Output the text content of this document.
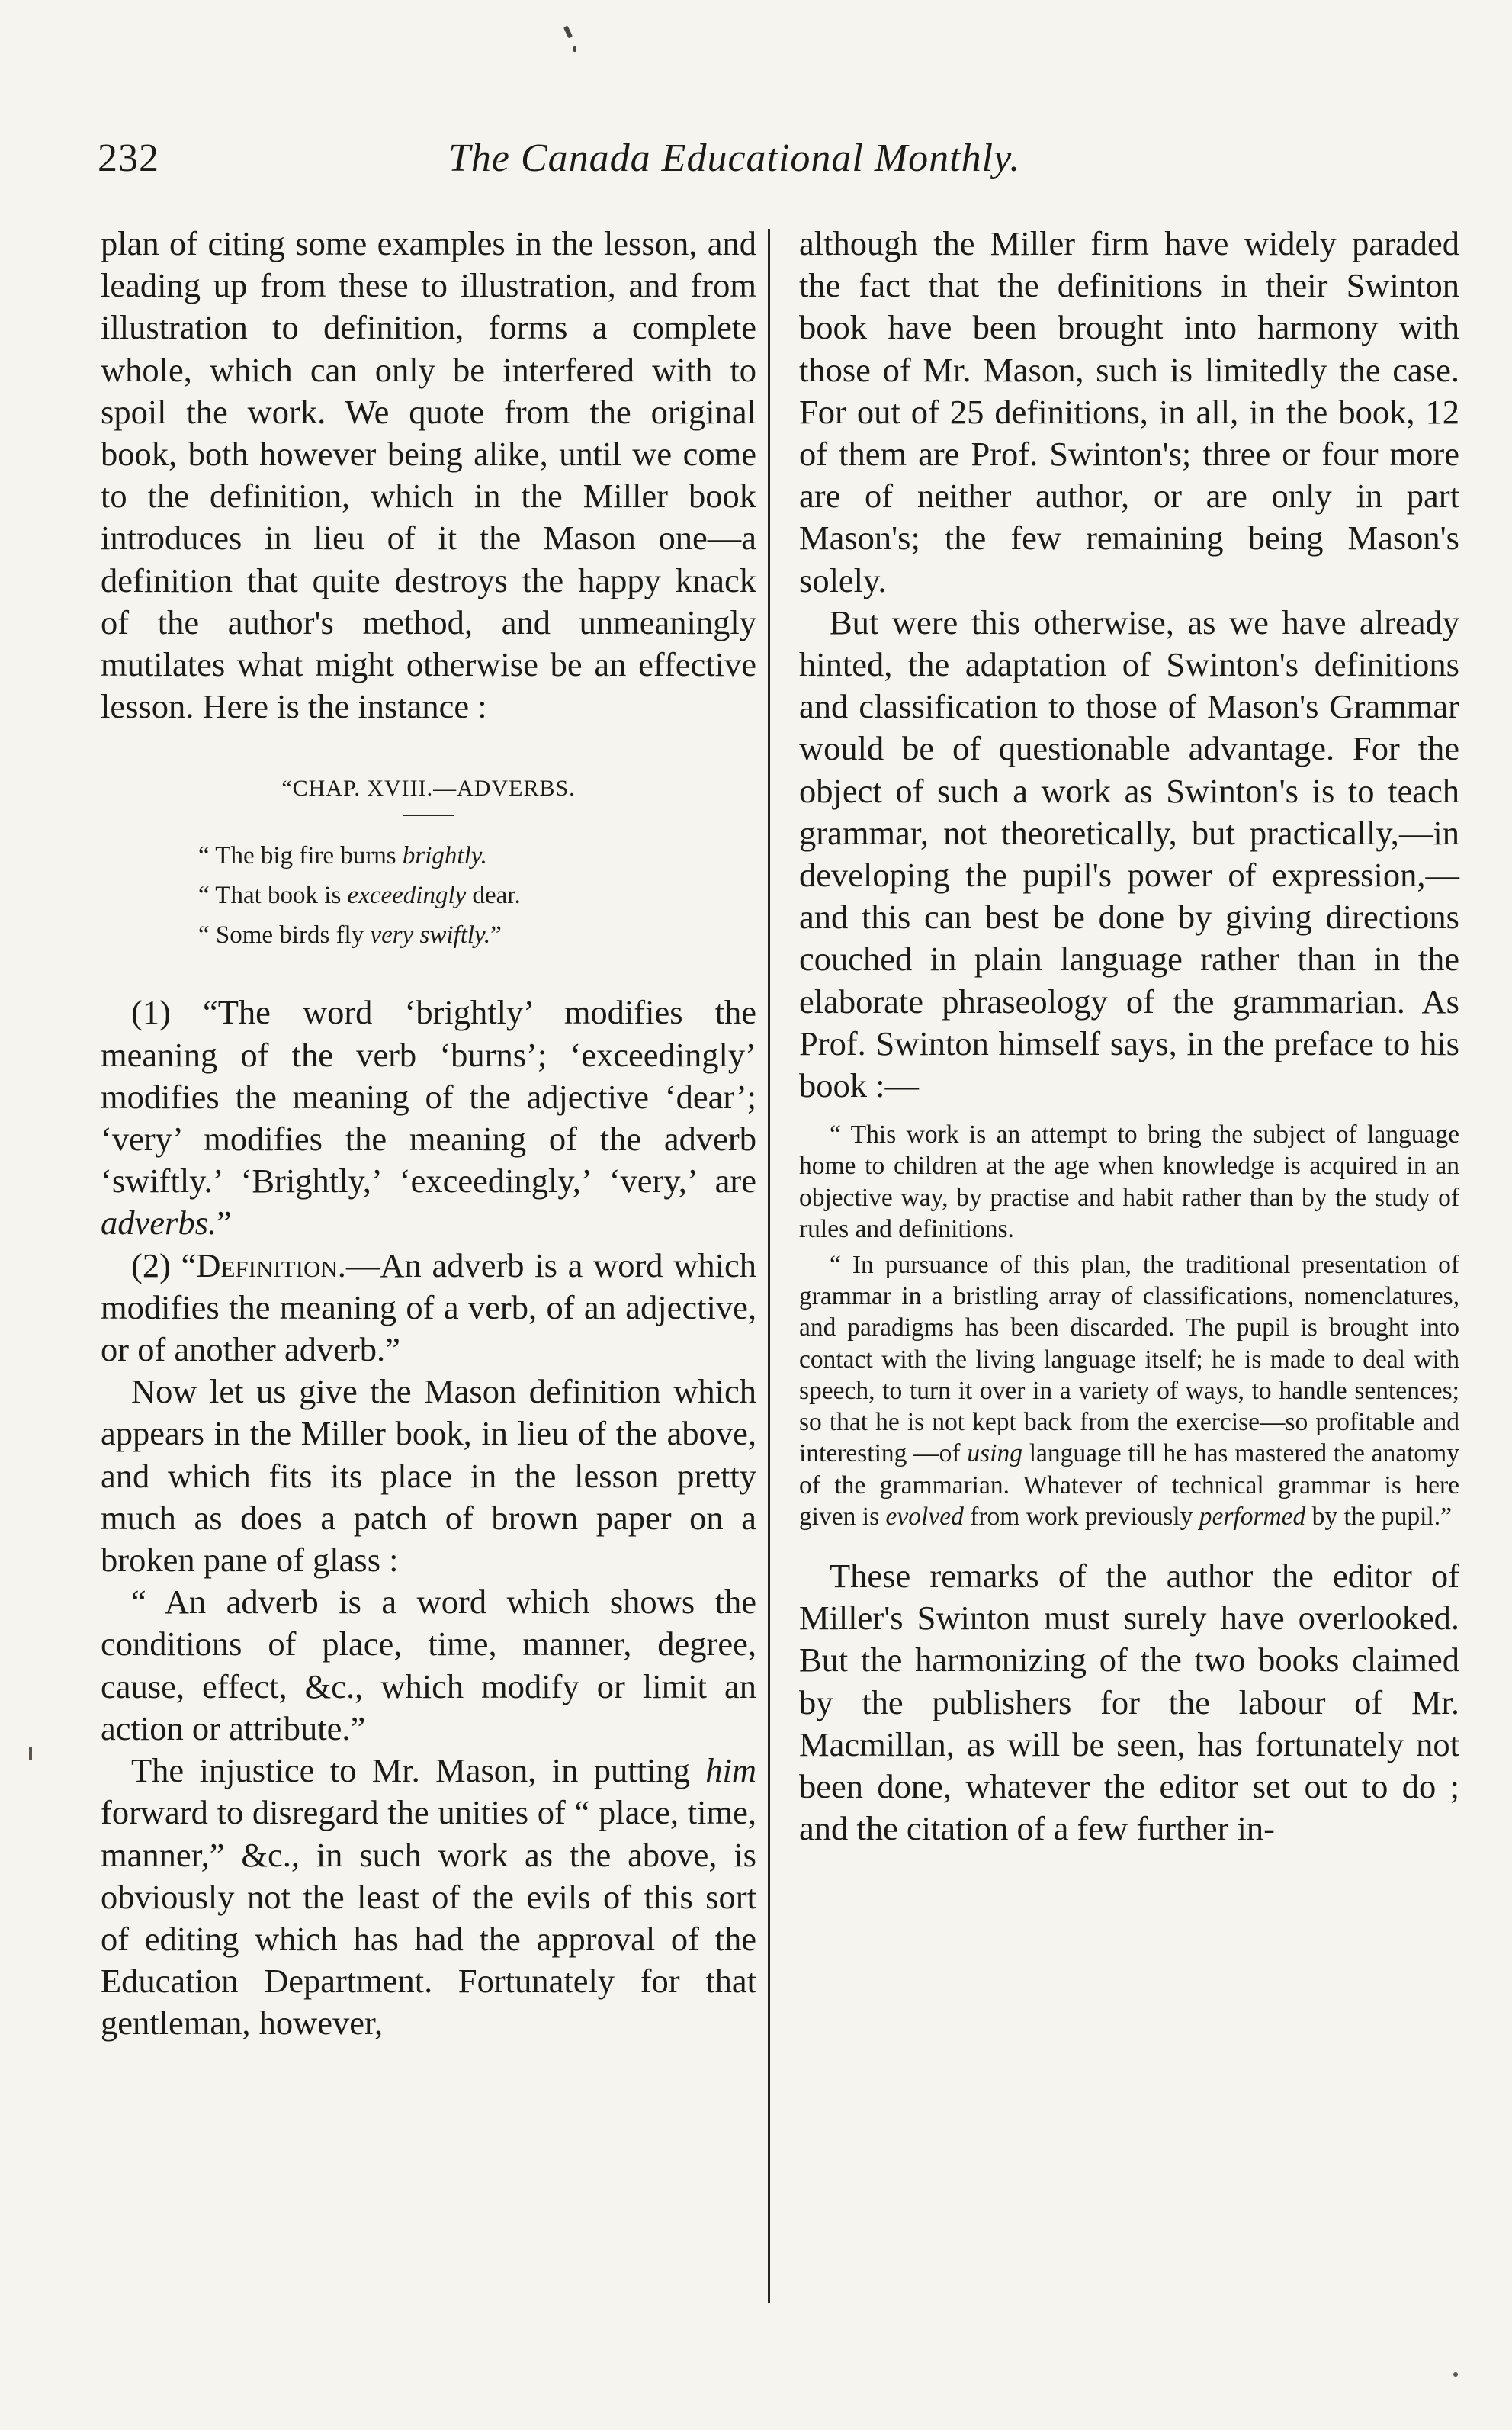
232	The Canada Educational Monthly.

plan of citing some examples in the lesson, and leading up from these to illustration, and from illustration to definition, forms a complete whole, which can only be interfered with to spoil the work. We quote from the original book, both however being alike, until we come to the definition, which in the Miller book introduces in lieu of it the Mason one—a definition that quite destroys the happy knack of the author's method, and unmeaningly mutilates what might otherwise be an effective lesson. Here is the instance :

“CHAP. XVIII.—ADVERBS.
“ The big fire burns brightly.
“ That book is exceedingly dear.
“ Some birds fly very swiftly.”

(1) “The word ‘brightly’ modifies the meaning of the verb ‘burns’; ‘exceedingly’ modifies the meaning of the adjective ‘dear’; ‘very’ modifies the meaning of the adverb ‘swiftly.’ ‘Brightly,’ ‘exceedingly,’ ‘very,’ are adverbs.”

(2) “Definition.—An adverb is a word which modifies the meaning of a verb, of an adjective, or of another adverb.”

Now let us give the Mason definition which appears in the Miller book, in lieu of the above, and which fits its place in the lesson pretty much as does a patch of brown paper on a broken pane of glass :

“ An adverb is a word which shows the conditions of place, time, manner, degree, cause, effect, &c., which modify or limit an action or attribute.”

The injustice to Mr. Mason, in putting him forward to disregard the unities of “ place, time, manner,” &c., in such work as the above, is obviously not the least of the evils of this sort of editing which has had the approval of the Education Department. Fortunately for that gentleman, however,

although the Miller firm have widely paraded the fact that the definitions in their Swinton book have been brought into harmony with those of Mr. Mason, such is limitedly the case. For out of 25 definitions, in all, in the book, 12 of them are Prof. Swinton's; three or four more are of neither author, or are only in part Mason's; the few remaining being Mason's solely.

But were this otherwise, as we have already hinted, the adaptation of Swinton's definitions and classification to those of Mason's Grammar would be of questionable advantage. For the object of such a work as Swinton's is to teach grammar, not theoretically, but practically,—in developing the pupil's power of expression,—and this can best be done by giving directions couched in plain language rather than in the elaborate phraseology of the grammarian. As Prof. Swinton himself says, in the preface to his book :—

“ This work is an attempt to bring the subject of language home to children at the age when knowledge is acquired in an objective way, by practise and habit rather than by the study of rules and definitions.

“ In pursuance of this plan, the traditional presentation of grammar in a bristling array of classifications, nomenclatures, and paradigms has been discarded. The pupil is brought into contact with the living language itself; he is made to deal with speech, to turn it over in a variety of ways, to handle sentences; so that he is not kept back from the exercise—so profitable and interesting —of using language till he has mastered the anatomy of the grammarian. Whatever of technical grammar is here given is evolved from work previously performed by the pupil.”

These remarks of the author the editor of Miller's Swinton must surely have overlooked. But the harmonizing of the two books claimed by the publishers for the labour of Mr. Macmillan, as will be seen, has fortunately not been done, whatever the editor set out to do ; and the citation of a few further in-
